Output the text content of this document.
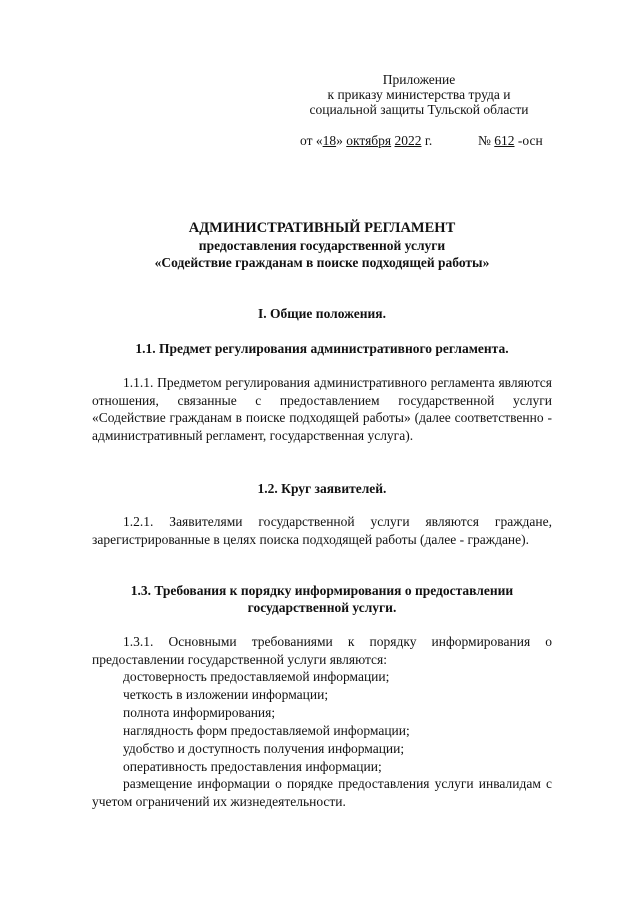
Приложение
к приказу министерства труда и
социальной защиты Тульской области
от «18» октября 2022 г.	№ 612 -осн
АДМИНИСТРАТИВНЫЙ РЕГЛАМЕНТ
предоставления государственной услуги
«Содействие гражданам в поиске подходящей работы»
I. Общие положения.
1.1. Предмет регулирования административного регламента.
1.1.1. Предметом регулирования административного регламента являются отношения, связанные с предоставлением государственной услуги «Содействие гражданам в поиске подходящей работы» (далее соответственно - административный регламент, государственная услуга).
1.2. Круг заявителей.
1.2.1. Заявителями государственной услуги являются граждане, зарегистрированные в целях поиска подходящей работы (далее - граждане).
1.3. Требования к порядку информирования о предоставлении
государственной услуги.
1.3.1. Основными требованиями к порядку информирования о предоставлении государственной услуги являются:
достоверность предоставляемой информации;
четкость в изложении информации;
полнота информирования;
наглядность форм предоставляемой информации;
удобство и доступность получения информации;
оперативность предоставления информации;
размещение информации о порядке предоставления услуги инвалидам с учетом ограничений их жизнедеятельности.
